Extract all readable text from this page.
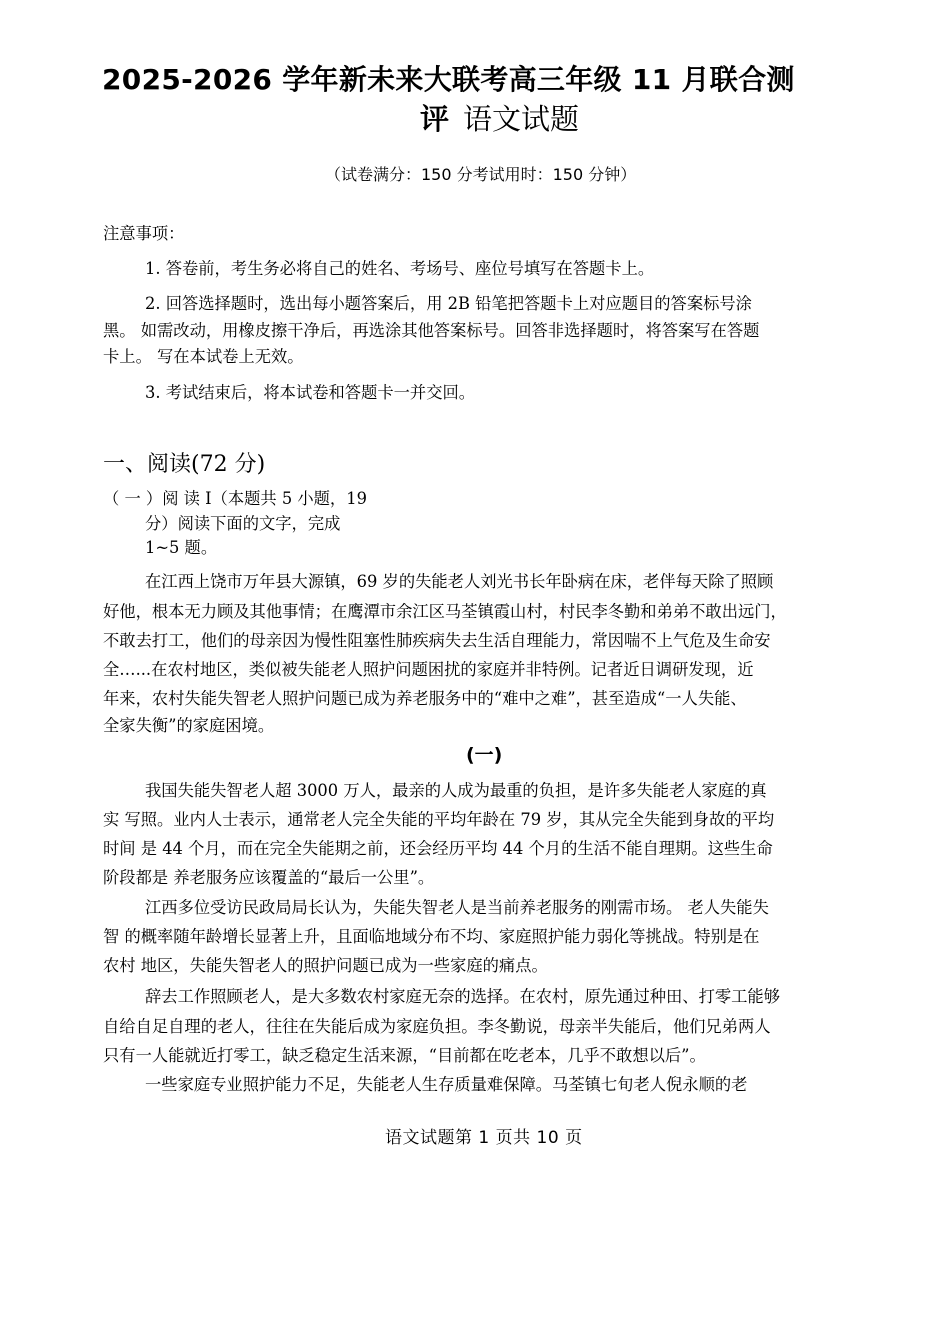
2025-2026 学年新未来大联考高三年级 11 月联合测
评 语文试题
（试卷满分：150 分考试用时：150 分钟）
注意事项：
1. 答卷前，考生务必将自己的姓名、考场号、座位号填写在答题卡上。
2. 回答选择题时，选出每小题答案后，用 2B 铅笔把答题卡上对应题目的答案标号涂
黑。 如需改动，用橡皮擦干净后，再选涂其他答案标号。回答非选择题时，将答案写在答题
卡上。 写在本试卷上无效。
3. 考试结束后，将本试卷和答题卡一并交回。
一、阅读(72 分)
（ 一 ）阅 读 Ⅰ（本题共 5 小题，19
分）阅读下面的文字，完成
1~5 题。
在江西上饶市万年县大源镇，69 岁的失能老人刘光书长年卧病在床，老伴每天除了照顾
好他，根本无力顾及其他事情；在鹰潭市余江区马荃镇霞山村，村民李冬勤和弟弟不敢出远门，
不敢去打工，他们的母亲因为慢性阻塞性肺疾病失去生活自理能力，常因喘不上气危及生命安
全…...在农村地区，类似被失能老人照护问题困扰的家庭并非特例。记者近日调研发现，近
年来，农村失能失智老人照护问题已成为养老服务中的“难中之难”，甚至造成“一人失能、
全家失衡”的家庭困境。
(一)
我国失能失智老人超 3000 万人，最亲的人成为最重的负担，是许多失能老人家庭的真
实 写照。业内人士表示，通常老人完全失能的平均年龄在 79 岁，其从完全失能到身故的平均
时间 是 44 个月，而在完全失能期之前，还会经历平均 44 个月的生活不能自理期。这些生命
阶段都是 养老服务应该覆盖的“最后一公里”。
江西多位受访民政局局长认为，失能失智老人是当前养老服务的刚需市场。 老人失能失
智 的概率随年龄增长显著上升，且面临地域分布不均、家庭照护能力弱化等挑战。特别是在
农村 地区，失能失智老人的照护问题已成为一些家庭的痛点。
辞去工作照顾老人，是大多数农村家庭无奈的选择。在农村，原先通过种田、打零工能够
自给自足自理的老人，往往在失能后成为家庭负担。李冬勤说，母亲半失能后，他们兄弟两人
只有一人能就近打零工，缺乏稳定生活来源，“目前都在吃老本，几乎不敢想以后”。
一些家庭专业照护能力不足，失能老人生存质量难保障。马荃镇七旬老人倪永顺的老
语文试题第 1 页共 10 页
